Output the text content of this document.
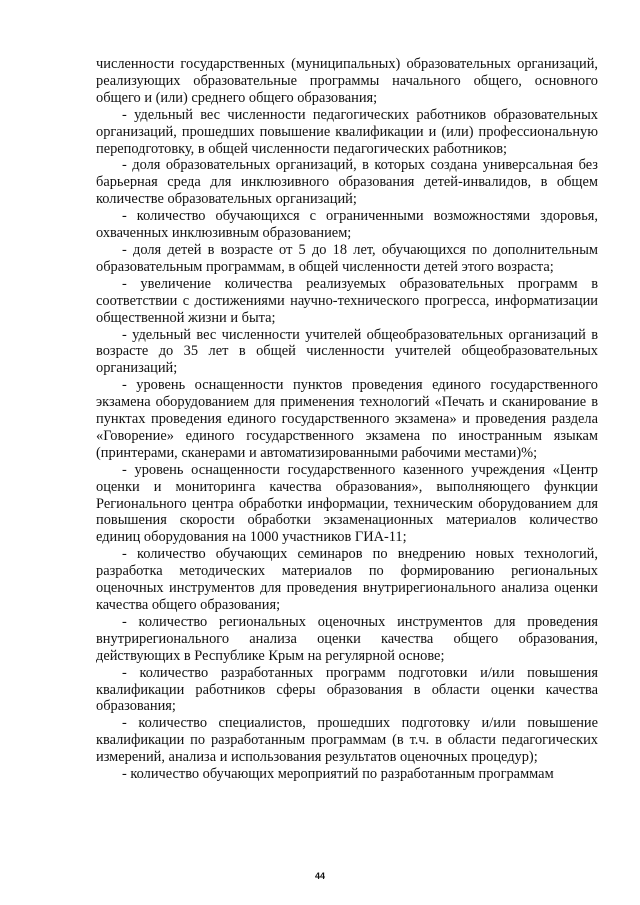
численности государственных (муниципальных) образовательных организаций, реализующих образовательные программы начального общего, основного общего и (или) среднего общего образования;

- удельный вес численности педагогических работников образовательных организаций, прошедших повышение квалификации и (или) профессиональную переподготовку, в общей численности педагогических работников;

- доля образовательных организаций, в которых создана универсальная без барьерная среда для инклюзивного образования детей-инвалидов, в общем количестве образовательных организаций;

- количество обучающихся с ограниченными возможностями здоровья, охваченных инклюзивным образованием;

- доля детей в возрасте от 5 до 18 лет, обучающихся по дополнительным образовательным программам, в общей численности детей этого возраста;

- увеличение количества реализуемых образовательных программ в соответствии с достижениями научно-технического прогресса, информатизации общественной жизни и быта;

- удельный вес численности учителей общеобразовательных организаций в возрасте до 35 лет в общей численности учителей общеобразовательных организаций;

- уровень оснащенности пунктов проведения единого государственного экзамена оборудованием для применения технологий «Печать и сканирование в пунктах проведения единого государственного экзамена» и проведения раздела «Говорение» единого государственного экзамена по иностранным языкам (принтерами, сканерами и автоматизированными рабочими местами)%;

- уровень оснащенности государственного казенного учреждения «Центр оценки и мониторинга качества образования», выполняющего функции Регионального центра обработки информации, техническим оборудованием для повышения скорости обработки экзаменационных материалов количество единиц оборудования на 1000 участников ГИА-11;

- количество обучающих семинаров по внедрению новых технологий, разработка методических материалов по формированию региональных оценочных инструментов для проведения внутрирегионального анализа оценки качества общего образования;

- количество региональных оценочных инструментов для проведения внутрирегионального анализа оценки качества общего образования, действующих в Республике Крым на регулярной основе;

- количество разработанных программ подготовки и/или повышения квалификации работников сферы образования в области оценки качества образования;

- количество специалистов, прошедших подготовку и/или повышение квалификации по разработанным программам (в т.ч. в области педагогических измерений, анализа и использования результатов оценочных процедур);

- количество обучающих мероприятий по разработанным программам

44
